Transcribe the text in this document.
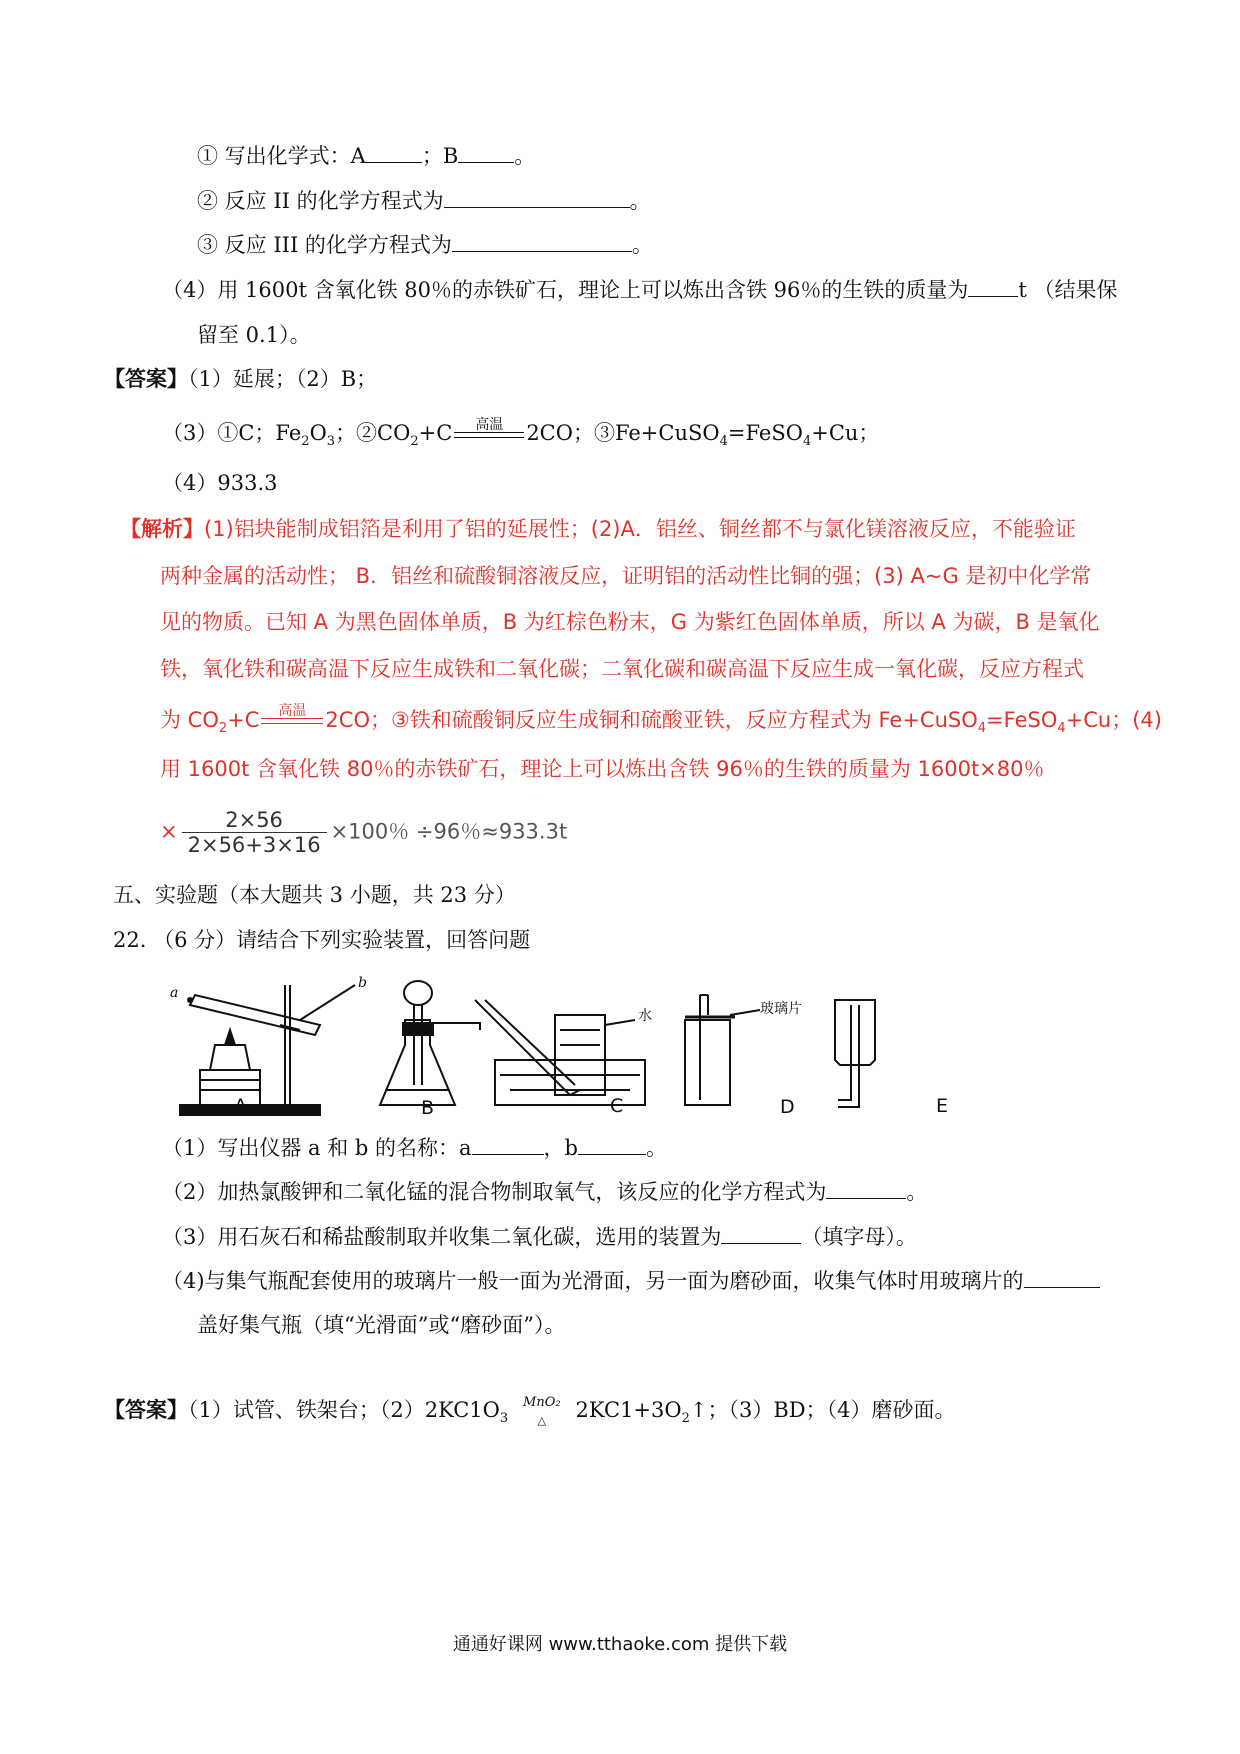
① 写出化学式：A	；B	。
② 反应 II 的化学方程式为	。
③ 反应 III 的化学方程式为	。
（4）用 1600t 含氧化铁 80％的赤铁矿石，理论上可以炼出含铁 96％的生铁的质量为 t （结果保
留至 0.1）。
【答案】（1）延展；（2）B；
（3）①C；$Fe_2O_3$；$②CO_2+C$	高温	2CO；③Fe+CuSO$_4$=FeSO$_4$+Cu；
（4）933.3
【解析】(1)铝块能制成铝箔是利用了铝的延展性；(2)A．铝丝、铜丝都不与氯化镁溶液反应，不能验证
两种金属的活动性； B．铝丝和硫酸铜溶液反应，证明铝的活动性比铜的强；(3) A~G 是初中化学常
见的物质。已知 A 为黑色固体单质，B 为红棕色粉末，G 为紫红色固体单质，所以 A 为碳，B 是氧化
铁，氧化铁和碳高温下反应生成铁和二氧化碳；二氧化碳和碳高温下反应生成一氧化碳，反应方程式
为 $CO_2+C$	高温 2CO；③铁和硫酸铜反应生成铜和硫酸亚铁，反应方程式为 Fe+CuSO$_4$=FeSO$_4$+Cu；(4)
用 1600t 含氧化铁 80％的赤铁矿石，理论上可以炼出含铁 96％的生铁的质量为 1600t×80％
× $\frac{2\times 56}{2\times 56+3\times 16} \times 100$％ ÷96％≈933.3t
五、实验题（本大题共 3 小题，共 23 分）
22. （6 分）请结合下列实验装置，回答问题
水	玻璃片
a
b
A	B	C	D	E
（1）写出仪器 a 和 b 的名称：a	，b	。
（2）加热氯酸钾和二氧化锰的混合物制取氧气，该反应的化学方程式为	。
（3）用石灰石和稀盐酸制取并收集二氧化碳，选用的装置为	（填字母）。
（4)与集气瓶配套使用的玻璃片一般一面为光滑面，另一面为磨砂面，收集气体时用玻璃片的
盖好集气瓶（填“光滑面”或“磨砂面”）。
【答案】（1）试管、铁架台；$(2)2KC1O_3$
MnO₂
△	$2KC1+3O_2↑$；（3）BD；（4）磨砂面。
通通好课网 www.tthaoke.com 提供下载
